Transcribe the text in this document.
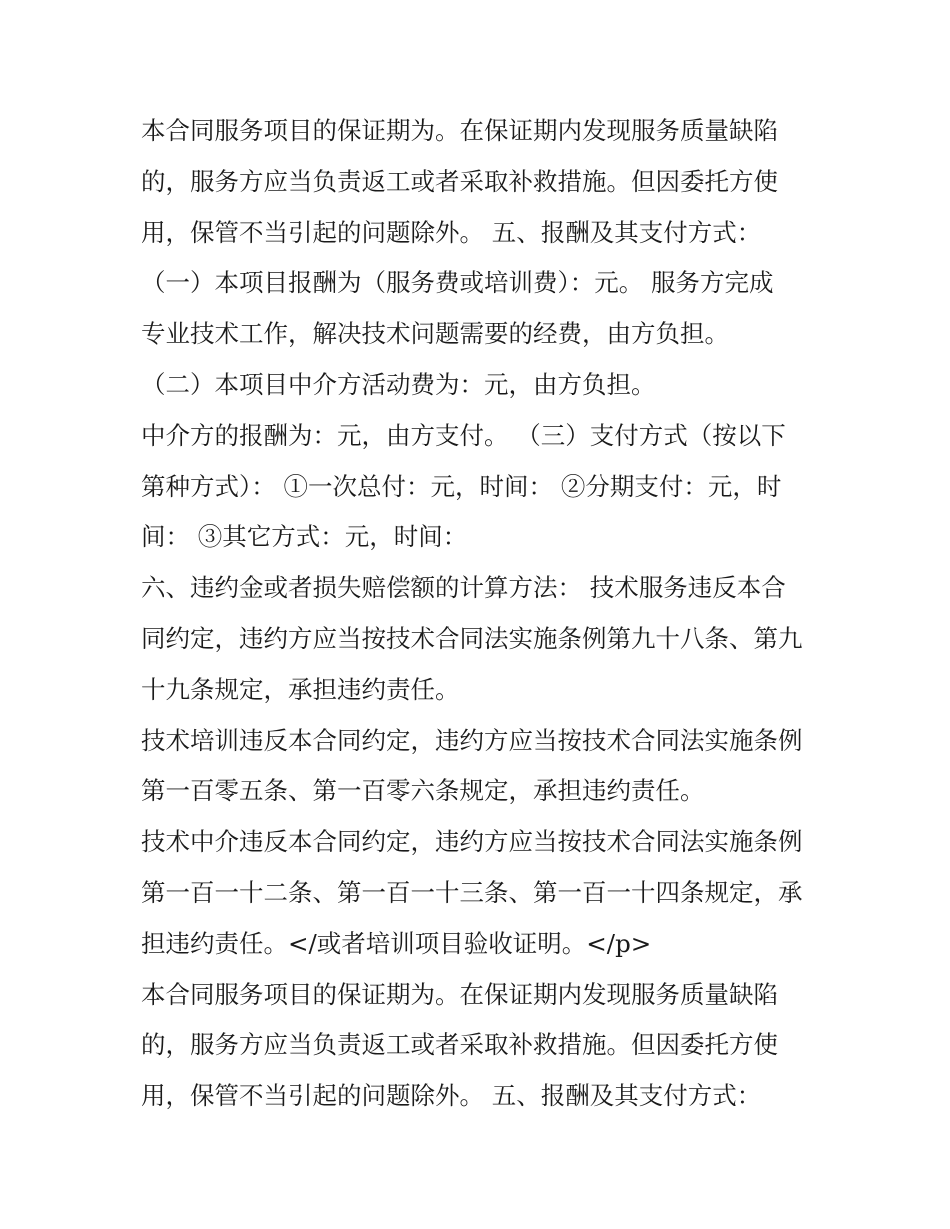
本合同服务项目的保证期为。在保证期内发现服务质量缺陷
的，服务方应当负责返工或者采取补救措施。但因委托方使
用，保管不当引起的问题除外。 五、报酬及其支付方式：
（一）本项目报酬为（服务费或培训费）：元。 服务方完成
专业技术工作，解决技术问题需要的经费，由方负担。
（二）本项目中介方活动费为：元，由方负担。
中介方的报酬为：元，由方支付。 （三）支付方式（按以下
第种方式）： ①一次总付：元，时间： ②分期支付：元，时
间： ③其它方式：元，时间：
六、违约金或者损失赔偿额的计算方法： 技术服务违反本合
同约定，违约方应当按技术合同法实施条例第九十八条、第九
十九条规定，承担违约责任。
技术培训违反本合同约定，违约方应当按技术合同法实施条例
第一百零五条、第一百零六条规定，承担违约责任。
技术中介违反本合同约定，违约方应当按技术合同法实施条例
第一百一十二条、第一百一十三条、第一百一十四条规定，承
担违约责任。</或者培训项目验收证明。</p>
本合同服务项目的保证期为。在保证期内发现服务质量缺陷
的，服务方应当负责返工或者采取补救措施。但因委托方使
用，保管不当引起的问题除外。 五、报酬及其支付方式：
